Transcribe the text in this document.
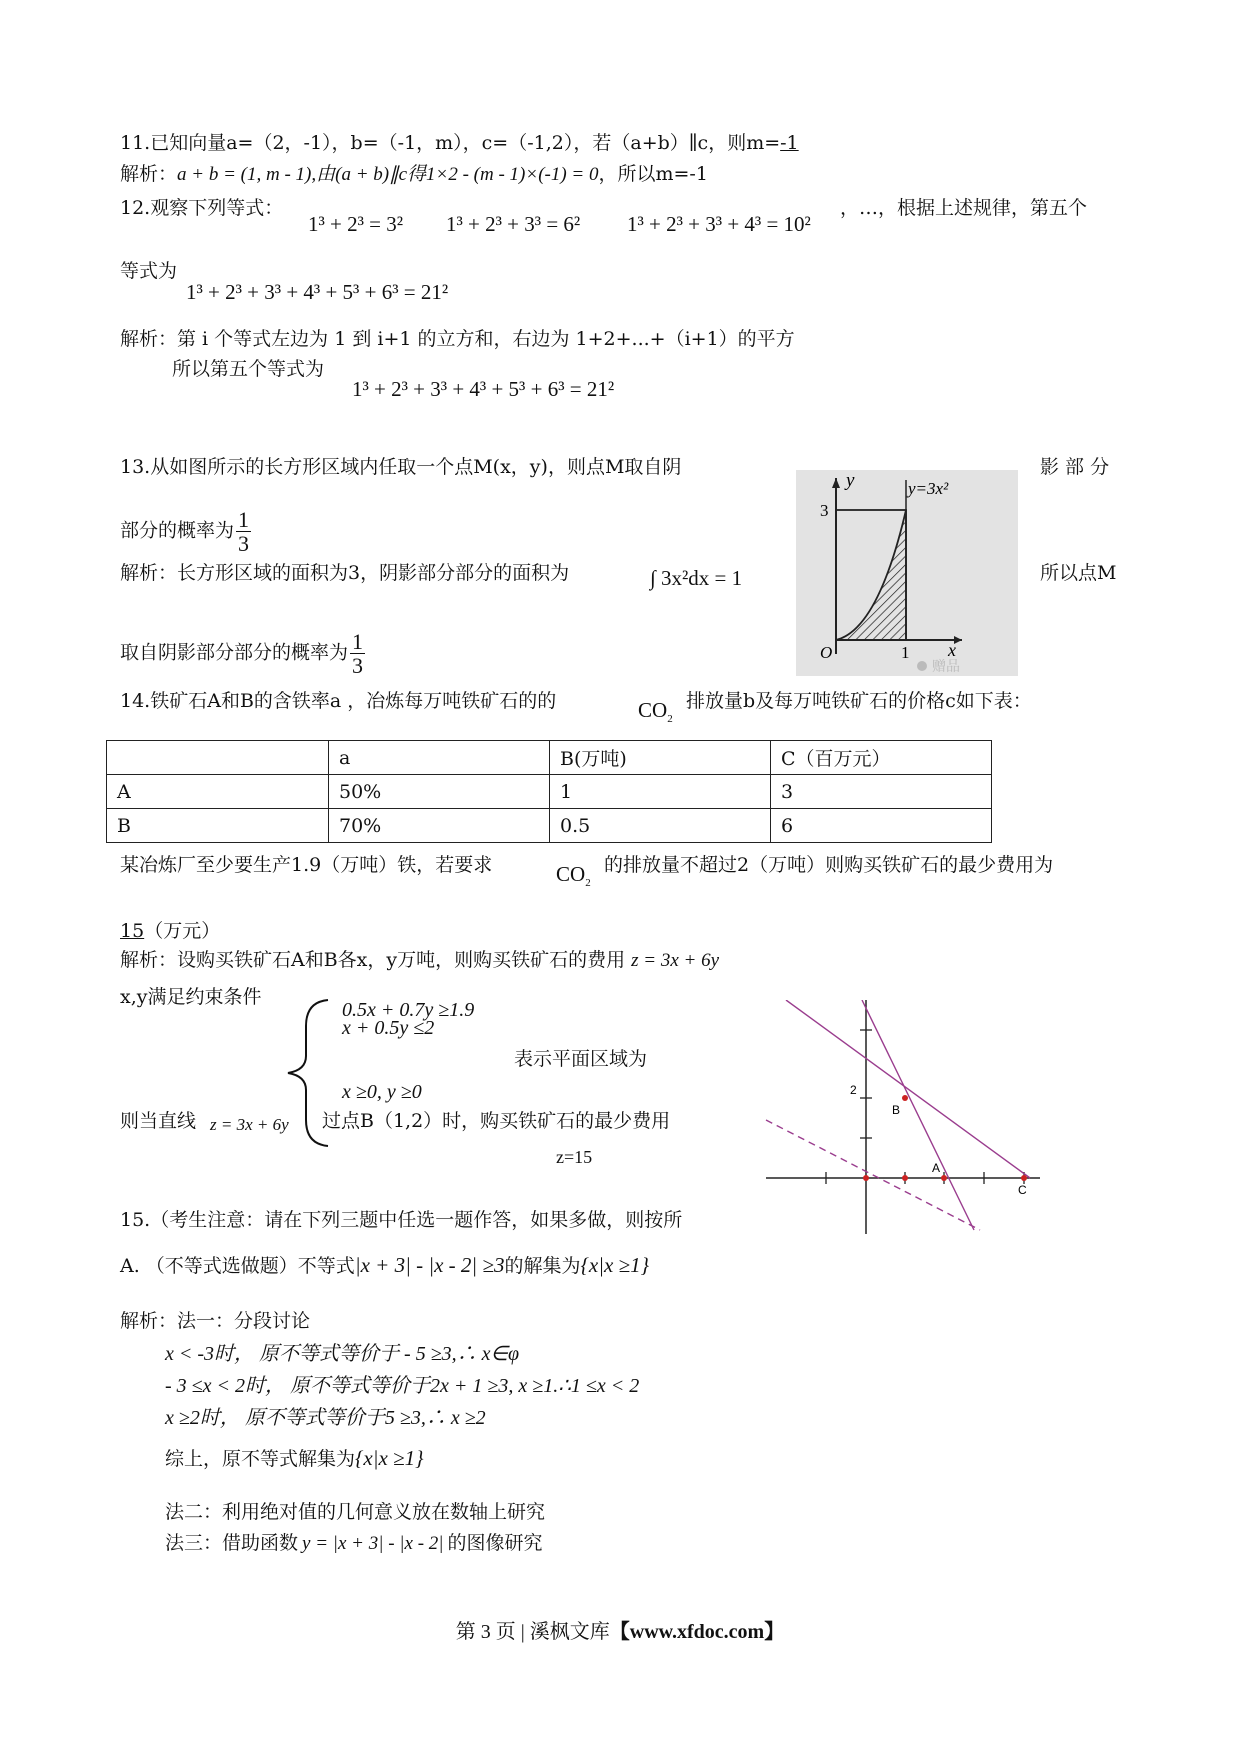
11.已知向量a=（2，-1），b=（-1，m），c=（-1,2），若（a+b）∥c，则m=-1
解析：a + b = (1, m - 1),由(a + b)∥c得1×2 - (m - 1)×(-1) = 0，所以m=-1
12.观察下列等式：
1³ + 2³ = 3² 1³ + 2³ + 3³ = 6² 1³ + 2³ + 3³ + 4³ = 10²
，…，根据上述规律，第五个
等式为
1³ + 2³ + 3³ + 4³ + 5³ + 6³ = 21²
解析：第 i 个等式左边为 1 到 i+1 的立方和，右边为 1+2+...+（i+1）的平方
所以第五个等式为
1³ + 2³ + 3³ + 4³ + 5³ + 6³ = 21²
13.从如图所示的长方形区域内任取一个点M(x，y)，则点M取自阴	影 部 分
部分的概率为 $\frac{1}{3}$
解析：长方形区域的面积为3，阴影部分部分的面积为	∫ 3x²dx = 1	所以点M
取自阴影部分部分的概率为 $\frac{1}{3}$
y	y=3x²
3
O	1 x
赠品
14.铁矿石A和B的含铁率a ，冶炼每万吨铁矿石的的	$CO_2$
排放量b及每万吨铁矿石的价格c如下表：
	a	B(万吨)	C（百万元）
A	50%	1	3
B	70%	0.5	6
某冶炼厂至少要生产1.9（万吨）铁，若要求	$CO_2$
的排放量不超过2（万吨）则购买铁矿石的最少费用为
15（万元）
解析：设购买铁矿石A和B各x，y万吨，则购买铁矿石的费用 z = 3x + 6y
x,y满足约束条件
0.5x + 0.7y ≥1.9
x + 0.5y ≤2
表示平面区域为
x ≥0, y ≥0
则当直线 z = 3x + 6y 过点B（1,2）时，购买铁矿石的最少费用
z=15
2
B
A
C
15.（考生注意：请在下列三题中任选一题作答，如果多做，则按所
A. （不等式选做题）不等式|x + 3| - |x - 2| ≥3的解集为{x|x ≥1}
解析：法一：分段讨论
x < -3时， 原不等式等价于 - 5 ≥3,∴ x∈φ
- 3 ≤x < 2时， 原不等式等价于2x + 1 ≥3, x ≥1.∴1 ≤x < 2
x ≥2时， 原不等式等价于5 ≥3,∴ x ≥2
综上，原不等式解集为{x|x ≥1}
法二：利用绝对值的几何意义放在数轴上研究
法三：借助函数 y = |x + 3| - |x - 2| 的图像研究
第 3 页 | 溪枫文库【www.xfdoc.com】
